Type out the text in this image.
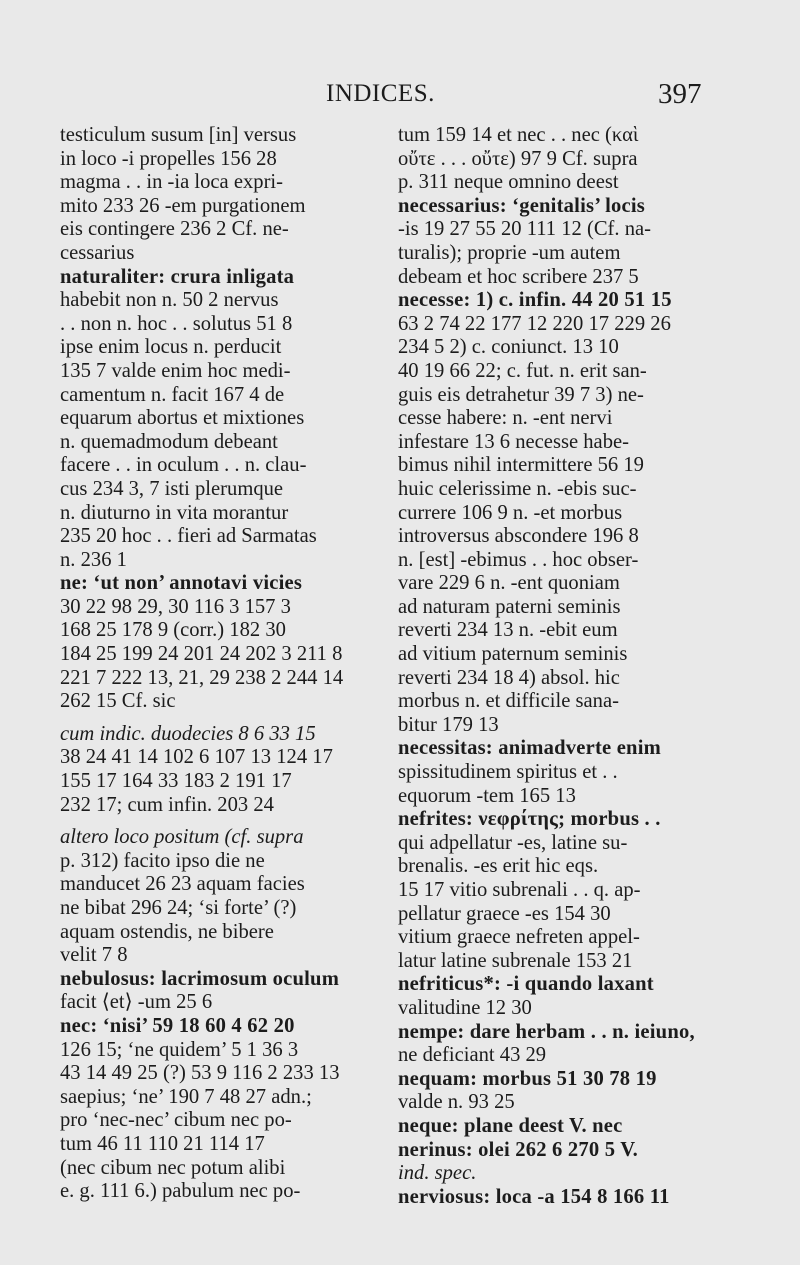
INDICES.	397
testiculum susum [in] versus
in loco -i propelles 156 28
magma . . in -ia loca expri-
mito 233 26 -em purgationem
eis contingere 236 2 Cf. ne-
cessarius
naturaliter: crura inligata
habebit non n. 50 2 nervus
. . non n. hoc . . solutus 51 8
ipse enim locus n. perducit
135 7 valde enim hoc medi-
camentum n. facit 167 4 de
equarum abortus et mixtiones
n. quemadmodum debeant
facere . . in oculum . . n. clau-
cus 234 3, 7 isti plerumque
n. diuturno in vita morantur
235 20 hoc . . fieri ad Sarmatas
n. 236 1
ne: ‘ut non’ annotavi vicies
30 22 98 29, 30 116 3 157 3
168 25 178 9 (corr.) 182 30
184 25 199 24 201 24 202 3 211 8
221 7 222 13, 21, 29 238 2 244 14
262 15 Cf. sic
cum indic. duodecies 8 6 33 15
38 24 41 14 102 6 107 13 124 17
155 17 164 33 183 2 191 17
232 17; cum infin. 203 24
altero loco positum (cf. supra
p. 312) facito ipso die ne
manducet 26 23 aquam facies
ne bibat 296 24; ‘si forte’ (?)
aquam ostendis, ne bibere
velit 7 8
nebulosus: lacrimosum oculum
facit ⟨et⟩ -um 25 6
nec: ‘nisi’ 59 18 60 4 62 20
126 15; ‘ne quidem’ 5 1 36 3
43 14 49 25 (?) 53 9 116 2 233 13
saepius; ‘ne’ 190 7 48 27 adn.;
pro ‘nec-nec’ cibum nec po-
tum 46 11 110 21 114 17
(nec cibum nec potum alibi
e. g. 111 6.) pabulum nec po-
tum 159 14 et nec . . nec (καὶ
οὔτε . . . οὔτε) 97 9 Cf. supra
p. 311 neque omnino deest
necessarius: ‘genitalis’ locis
-is 19 27 55 20 111 12 (Cf. na-
turalis); proprie -um autem
debeam et hoc scribere 237 5
necesse: 1) c. infin. 44 20 51 15
63 2 74 22 177 12 220 17 229 26
234 5 2) c. coniunct. 13 10
40 19 66 22; c. fut. n. erit san-
guis eis detrahetur 39 7 3) ne-
cesse habere: n. -ent nervi
infestare 13 6 necesse habe-
bimus nihil intermittere 56 19
huic celerissime n. -ebis suc-
currere 106 9 n. -et morbus
introversus abscondere 196 8
n. [est] -ebimus . . hoc obser-
vare 229 6 n. -ent quoniam
ad naturam paterni seminis
reverti 234 13 n. -ebit eum
ad vitium paternum seminis
reverti 234 18 4) absol. hic
morbus n. et difficile sana-
bitur 179 13
necessitas: animadverte enim
spissitudinem spiritus et . .
equorum -tem 165 13
nefrites: νεφρίτης; morbus . .
qui adpellatur -es, latine su-
brenalis. -es erit hic eqs.
15 17 vitio subrenali . . q. ap-
pellatur graece -es 154 30
vitium graece nefreten appel-
latur latine subrenale 153 21
nefriticus*: -i quando laxant
valitudine 12 30
nempe: dare herbam . . n. ieiuno,
ne deficiant 43 29
nequam: morbus 51 30 78 19
valde n. 93 25
neque: plane deest V. nec
nerinus: olei 262 6 270 5 V.
ind. spec.
nerviosus: loca -a 154 8 166 11
